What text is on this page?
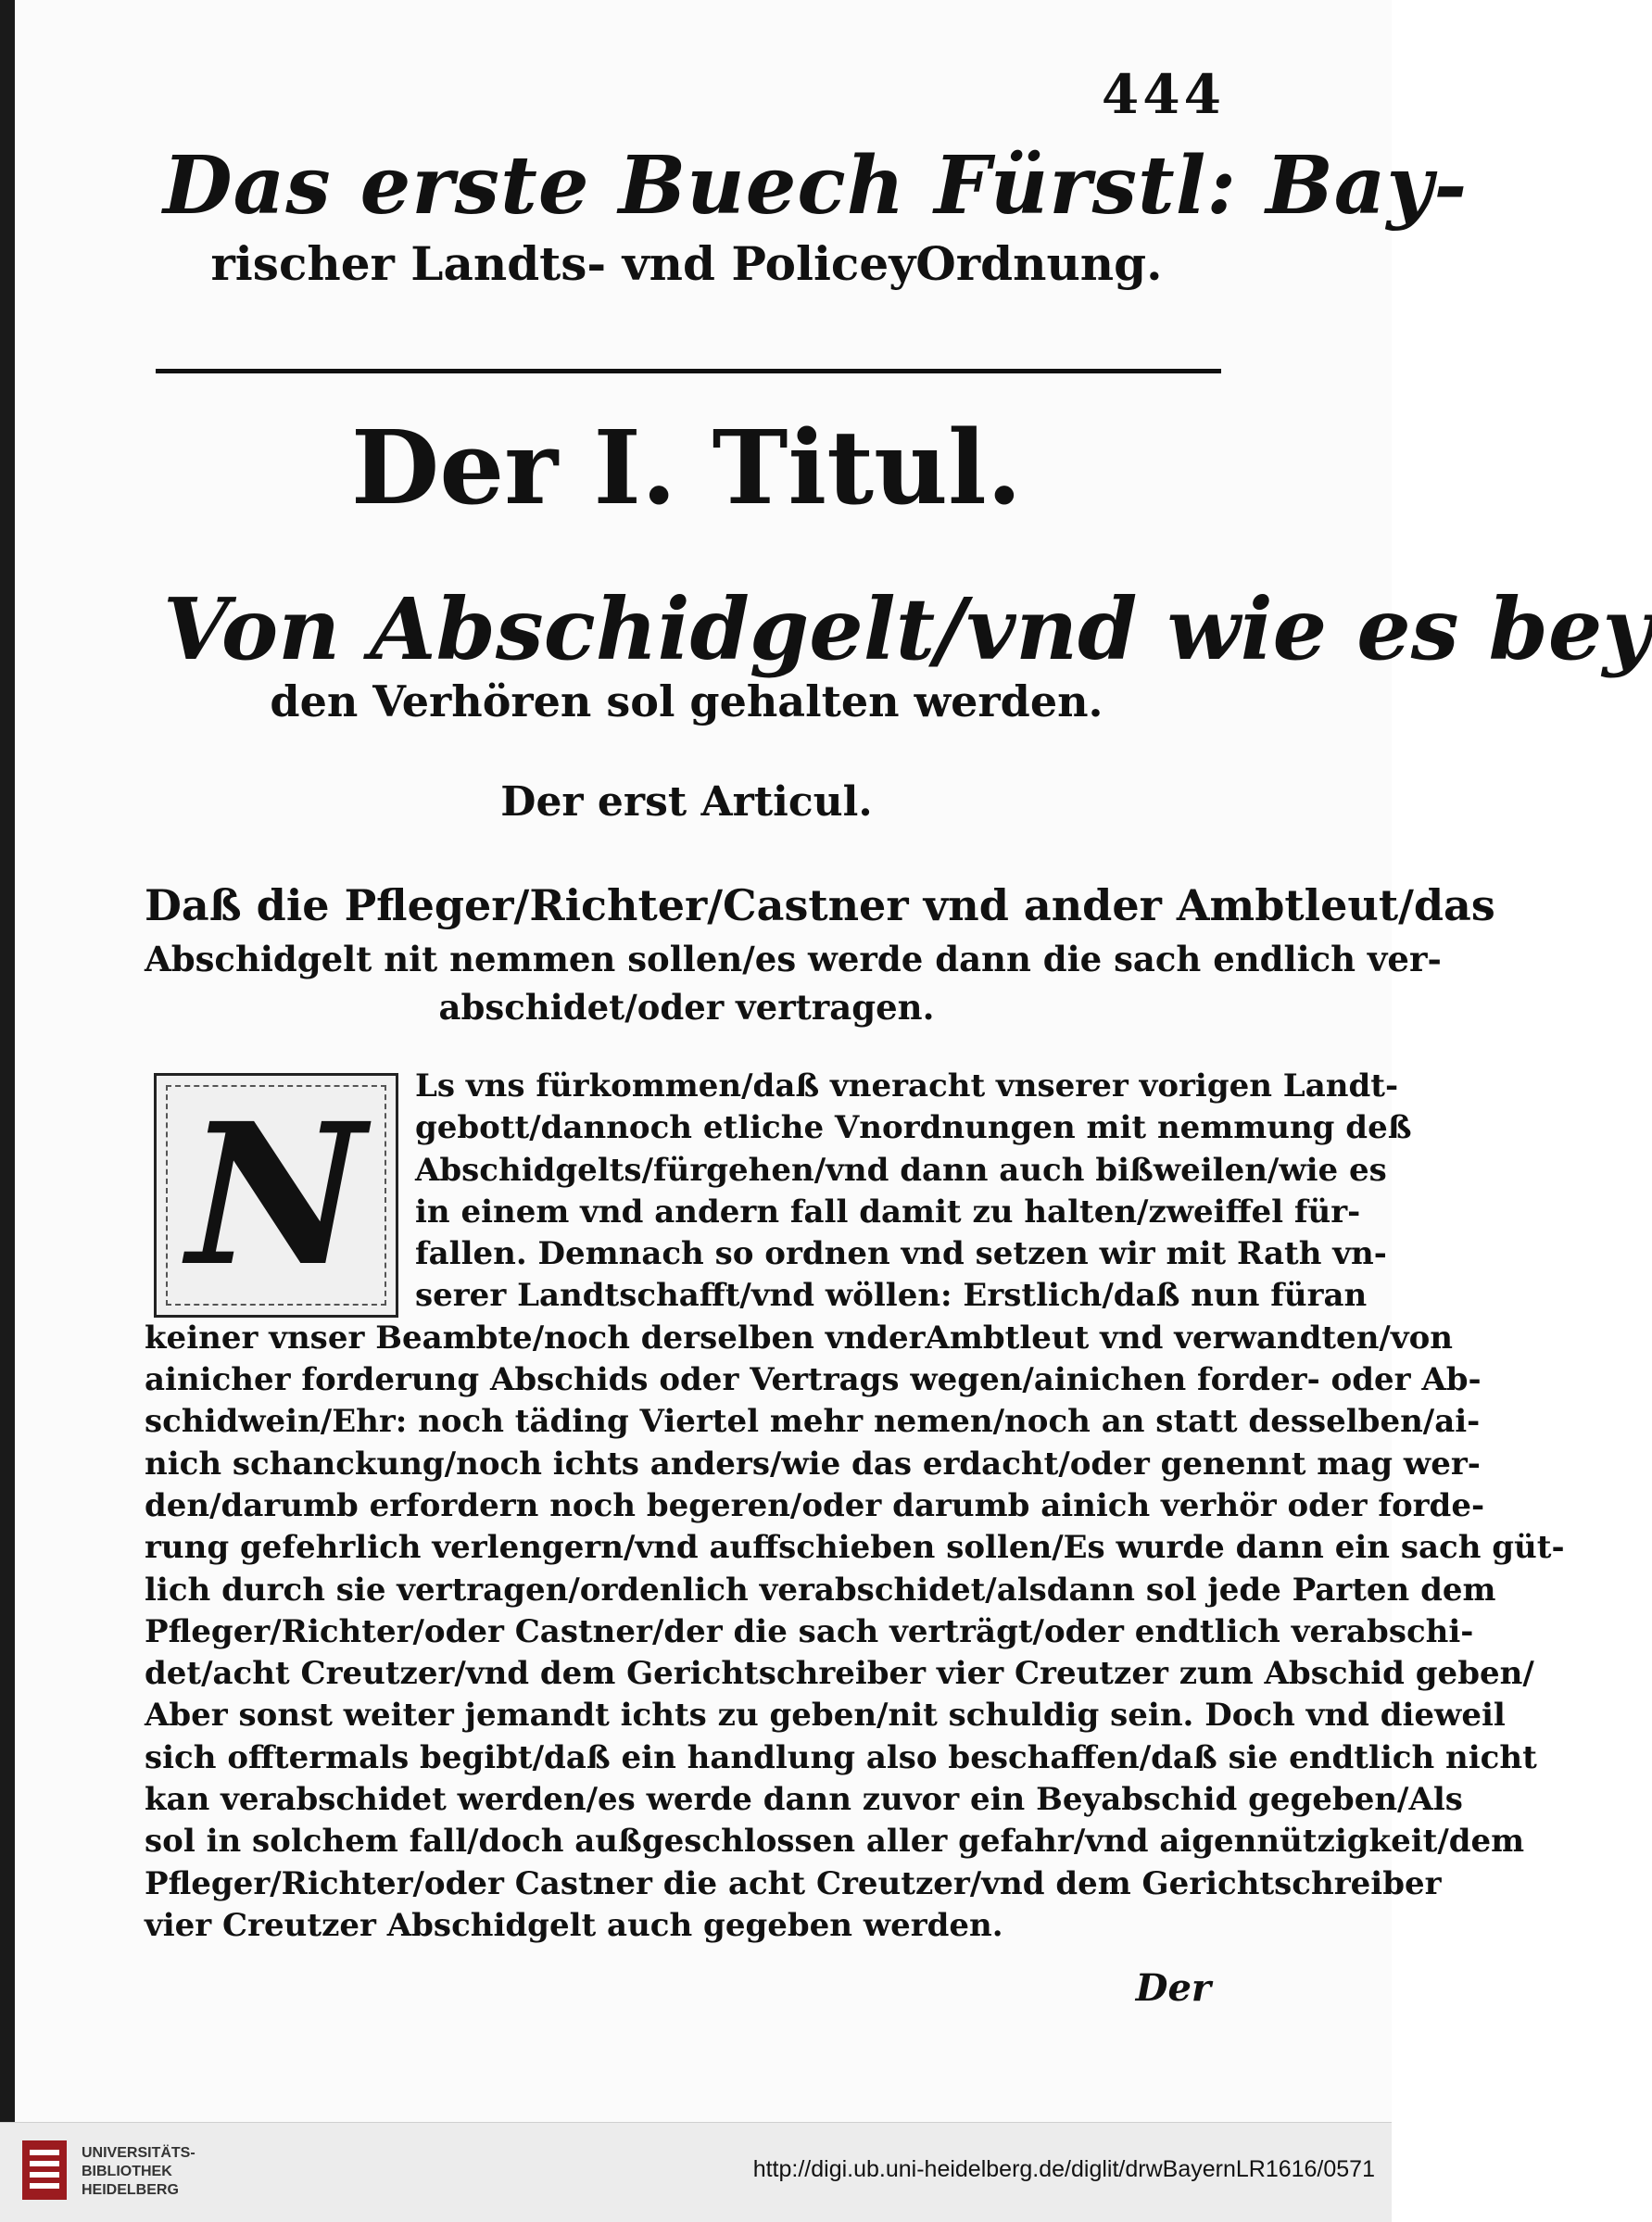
444
Das erste Buech Fürstl: Bay-
rischer Landts- vnd PoliceyOrdnung.
Der I. Titul.
Von Abschidgelt/vnd wie es bey
den Verhören sol gehalten werden.
Der erst Articul.
Daß die Pfleger/Richter/Castner vnd ander Ambtleut/das
Abschidgelt nit nemmen sollen/es werde dann die sach endlich ver-
abschidet/oder vertragen.
N	Ls vns fürkommen/daß vneracht vnserer vorigen Landt-
gebott/dannoch etliche Vnordnungen mit nemmung deß
Abschidgelts/fürgehen/vnd dann auch bißweilen/wie es
in einem vnd andern fall damit zu halten/zweiffel für-
fallen. Demnach so ordnen vnd setzen wir mit Rath vn-
serer Landtschafft/vnd wöllen: Erstlich/daß nun füran
keiner vnser Beambte/noch derselben vnderAmbtleut vnd verwandten/von
ainicher forderung Abschids oder Vertrags wegen/ainichen forder- oder Ab-
schidwein/Ehr: noch täding Viertel mehr nemen/noch an statt desselben/ai-
nich schanckung/noch ichts anders/wie das erdacht/oder genennt mag wer-
den/darumb erfordern noch begeren/oder darumb ainich verhör oder forde-
rung gefehrlich verlengern/vnd auffschieben sollen/Es wurde dann ein sach güt-
lich durch sie vertragen/ordenlich verabschidet/alsdann sol jede Parten dem
Pfleger/Richter/oder Castner/der die sach verträgt/oder endtlich verabschi-
det/acht Creutzer/vnd dem Gerichtschreiber vier Creutzer zum Abschid geben/
Aber sonst weiter jemandt ichts zu geben/nit schuldig sein. Doch vnd dieweil
sich offtermals begibt/daß ein handlung also beschaffen/daß sie endtlich nicht
kan verabschidet werden/es werde dann zuvor ein Beyabschid gegeben/Als
sol in solchem fall/doch außgeschlossen aller gefahr/vnd aigennützigkeit/dem
Pfleger/Richter/oder Castner die acht Creutzer/vnd dem Gerichtschreiber
vier Creutzer Abschidgelt auch gegeben werden.
Der
UNIVERSITÄTS-
BIBLIOTHEK
HEIDELBERG
http://digi.ub.uni-heidelberg.de/diglit/drwBayernLR1616/0571
